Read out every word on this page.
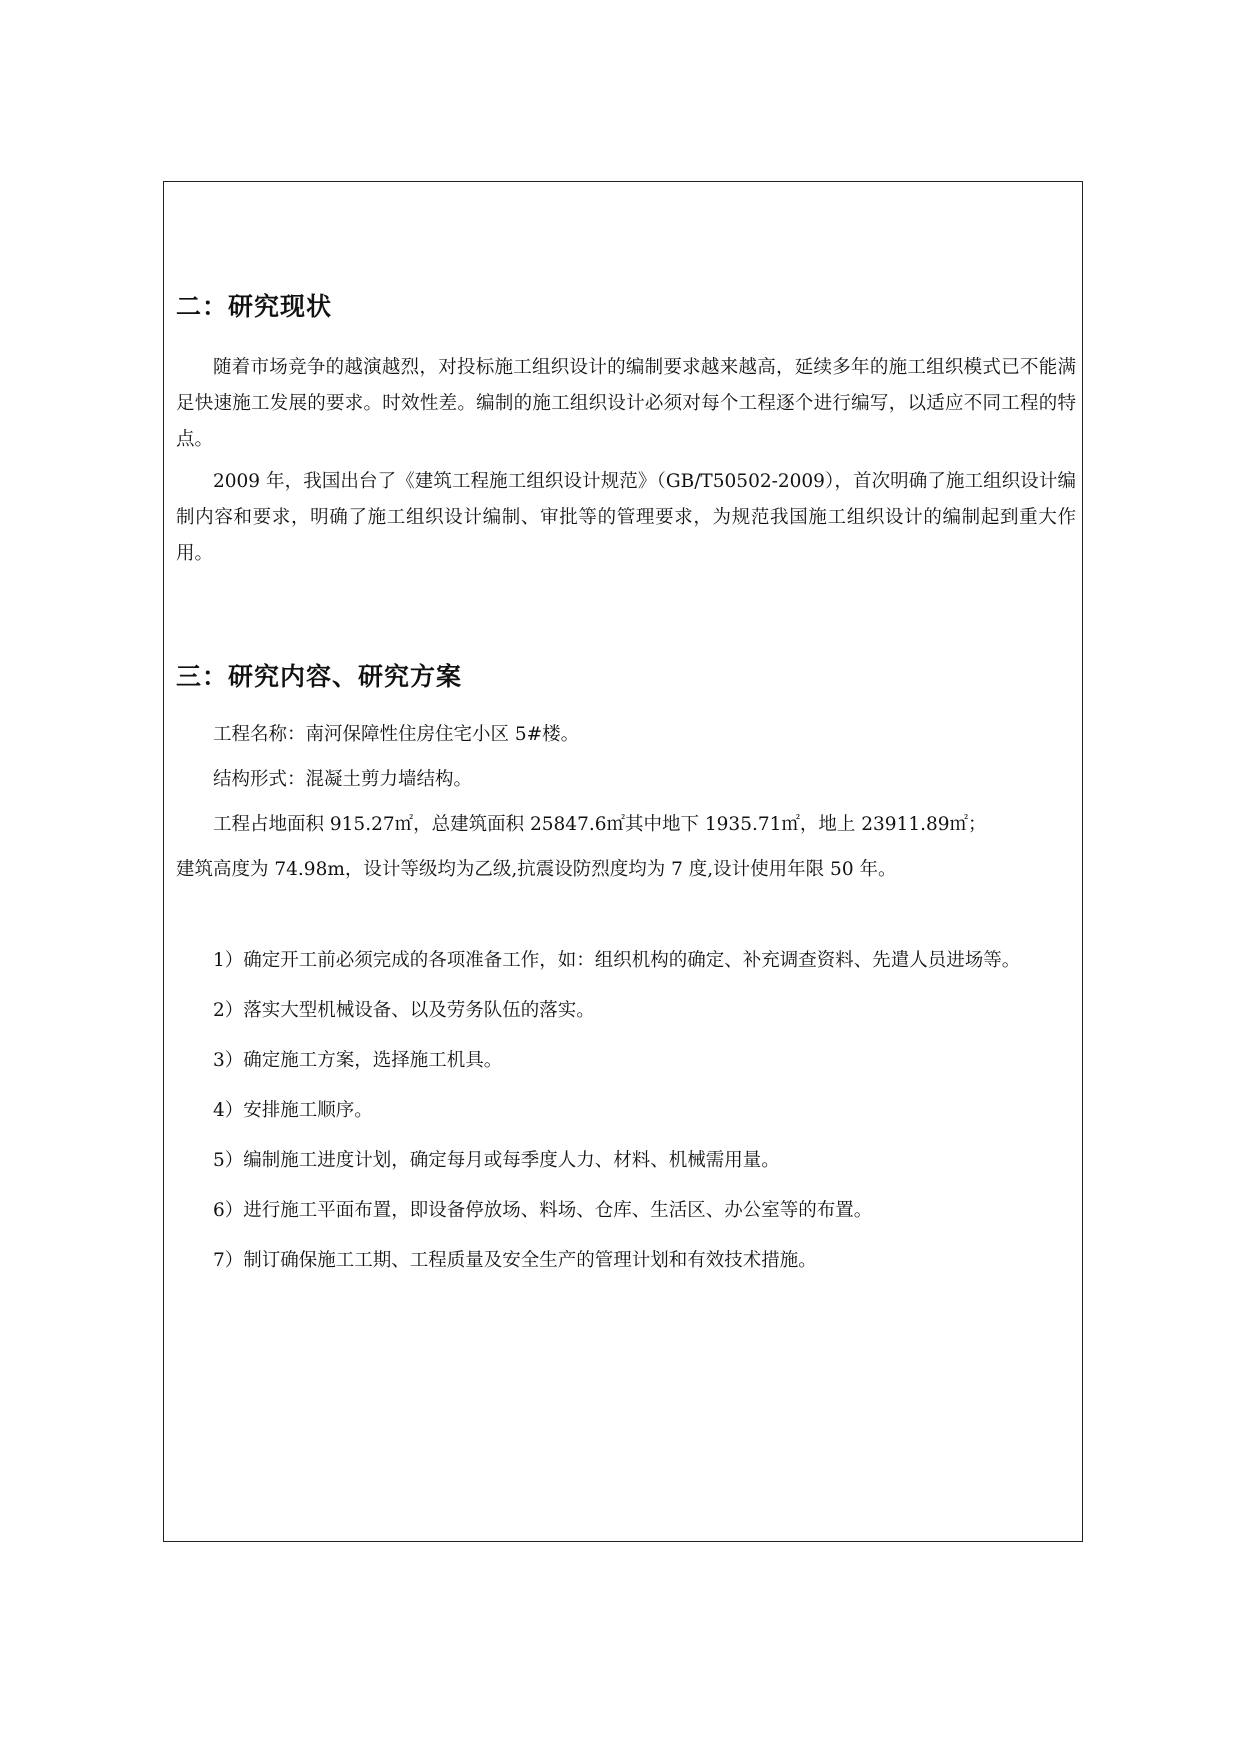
二：研究现状

随着市场竞争的越演越烈，对投标施工组织设计的编制要求越来越高，延续多年的施工组织模式已不能满足快速施工发展的要求。时效性差。编制的施工组织设计必须对每个工程逐个进行编写，以适应不同工程的特点。

2009 年，我国出台了《建筑工程施工组织设计规范》（GB/T50502-2009），首次明确了施工组织设计编制内容和要求，明确了施工组织设计编制、审批等的管理要求，为规范我国施工组织设计的编制起到重大作用。

三：研究内容、研究方案

工程名称：南河保障性住房住宅小区 5#楼。

结构形式：混凝土剪力墙结构。

工程占地面积 915.27㎡，总建筑面积 25847.6㎡其中地下 1935.71㎡，地上 23911.89㎡；

建筑高度为 74.98m，设计等级均为乙级,抗震设防烈度均为 7 度,设计使用年限 50 年。

1）确定开工前必须完成的各项准备工作，如：组织机构的确定、补充调查资料、先遣人员进场等。

2）落实大型机械设备、以及劳务队伍的落实。

3）确定施工方案，选择施工机具。

4）安排施工顺序。

5）编制施工进度计划，确定每月或每季度人力、材料、机械需用量。

6）进行施工平面布置，即设备停放场、料场、仓库、生活区、办公室等的布置。

7）制订确保施工工期、工程质量及安全生产的管理计划和有效技术措施。
